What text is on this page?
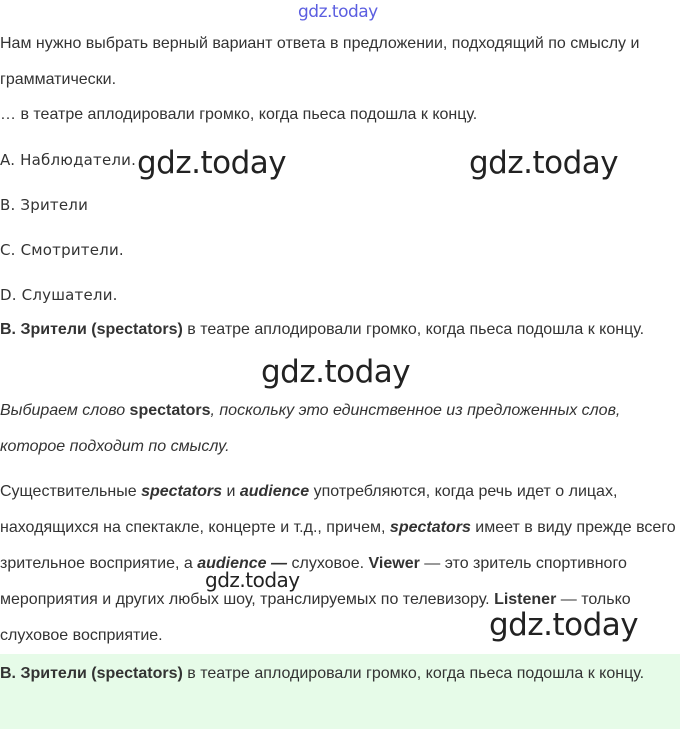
gdz.today

Нам нужно выбрать верный вариант ответа в предложении, подходящий по смыслу и грамматически.

… в театре аплодировали громко, когда пьеса подошла к концу.

A. Наблюдатели.

B. Зрители

C. Смотрители.

D. Слушатели.

B. Зрители (spectators) в театре аплодировали громко, когда пьеса подошла к концу.

Выбираем слово spectators, поскольку это единственное из предложенных слов, которое подходит по смыслу.

Существительные spectators и audience употребляются, когда речь идет о лицах, находящихся на спектакле, концерте и т.д., причем, spectators имеет в виду прежде всего зрительное восприятие, а audience — слуховое. Viewer — это зритель спортивного мероприятия и других любых шоу, транслируемых по телевизору. Listener — только слуховое восприятие.

B. Зрители (spectators) в театре аплодировали громко, когда пьеса подошла к концу.

gdz.today	gdz.today
gdz.today
gdz.today
gdz.today
